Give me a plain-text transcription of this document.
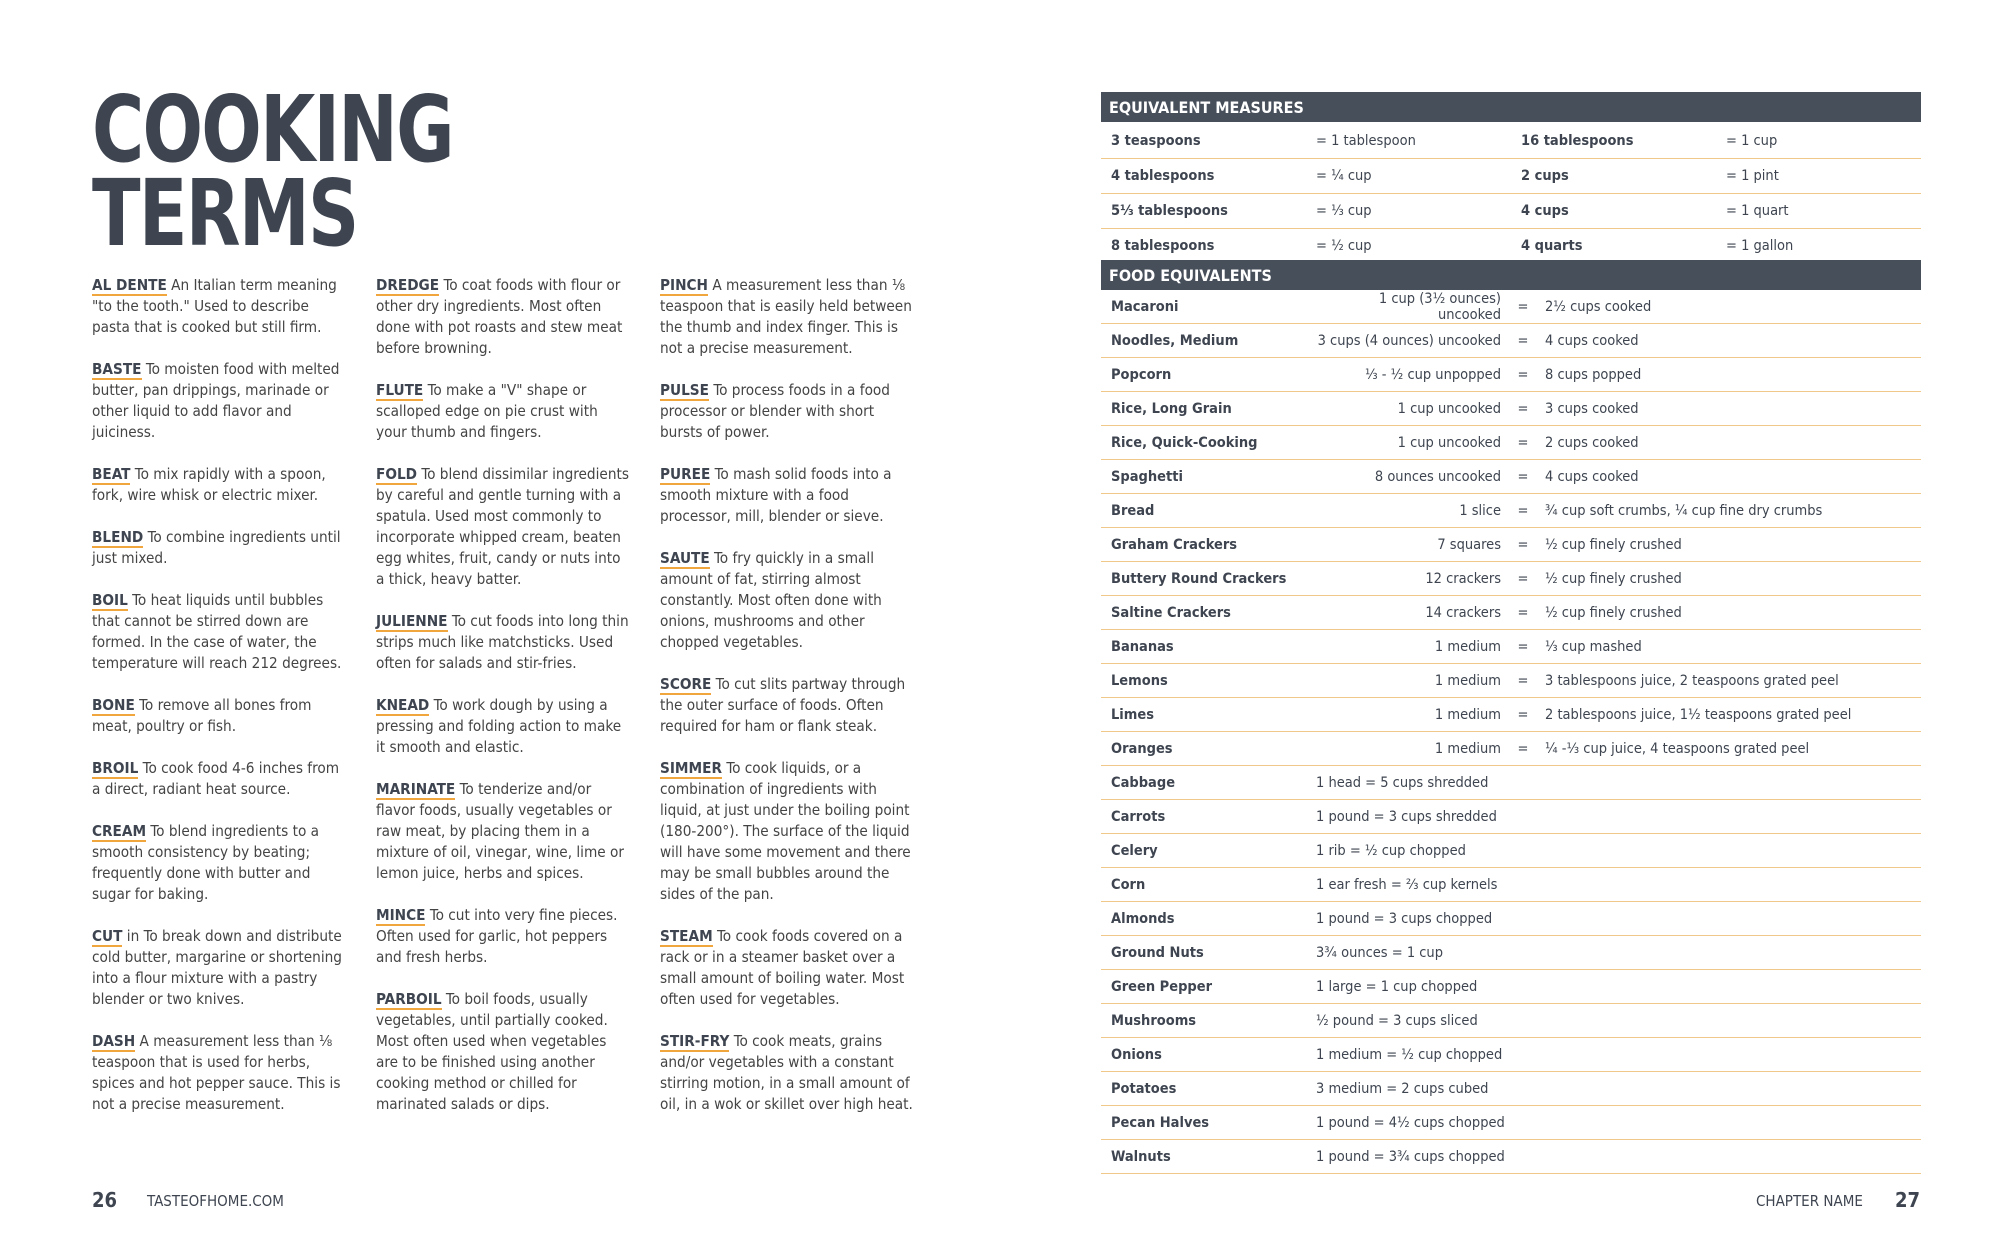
COOKING
TERMS

AL DENTE An Italian term meaning "to the tooth." Used to describe pasta that is cooked but still firm.

BASTE To moisten food with melted butter, pan drippings, marinade or other liquid to add flavor and juiciness.

BEAT To mix rapidly with a spoon, fork, wire whisk or electric mixer.

BLEND To combine ingredients until just mixed.

BOIL To heat liquids until bubbles that cannot be stirred down are formed. In the case of water, the temperature will reach 212 degrees.

BONE To remove all bones from meat, poultry or fish.

BROIL To cook food 4-6 inches from a direct, radiant heat source.

CREAM To blend ingredients to a smooth consistency by beating; frequently done with butter and sugar for baking.

CUT in To break down and distribute cold butter, margarine or shortening into a flour mixture with a pastry blender or two knives.

DASH A measurement less than ⅛ teaspoon that is used for herbs, spices and hot pepper sauce. This is not a precise measurement.

DREDGE To coat foods with flour or other dry ingredients. Most often done with pot roasts and stew meat before browning.

FLUTE To make a "V" shape or scalloped edge on pie crust with your thumb and fingers.

FOLD To blend dissimilar ingredients by careful and gentle turning with a spatula. Used most commonly to incorporate whipped cream, beaten egg whites, fruit, candy or nuts into a thick, heavy batter.

JULIENNE To cut foods into long thin strips much like matchsticks. Used often for salads and stir-fries.

KNEAD To work dough by using a pressing and folding action to make it smooth and elastic.

MARINATE To tenderize and/or flavor foods, usually vegetables or raw meat, by placing them in a mixture of oil, vinegar, wine, lime or lemon juice, herbs and spices.

MINCE To cut into very fine pieces. Often used for garlic, hot peppers and fresh herbs.

PARBOIL To boil foods, usually vegetables, until partially cooked. Most often used when vegetables are to be finished using another cooking method or chilled for marinated salads or dips.

PINCH A measurement less than ⅛ teaspoon that is easily held between the thumb and index finger. This is not a precise measurement.

PULSE To process foods in a food processor or blender with short bursts of power.

PUREE To mash solid foods into a smooth mixture with a food processor, mill, blender or sieve.

SAUTE To fry quickly in a small amount of fat, stirring almost constantly. Most often done with onions, mushrooms and other chopped vegetables.

SCORE To cut slits partway through the outer surface of foods. Often required for ham or flank steak.

SIMMER To cook liquids, or a combination of ingredients with liquid, at just under the boiling point (180-200°). The surface of the liquid will have some movement and there may be small bubbles around the sides of the pan.

STEAM To cook foods covered on a rack or in a steamer basket over a small amount of boiling water. Most often used for vegetables.

STIR-FRY To cook meats, grains and/or vegetables with a constant stirring motion, in a small amount of oil, in a wok or skillet over high heat.

26 TASTEOFHOME.COM
EQUIVALENT MEASURES
3 teaspoons	= 1 tablespoon	16 tablespoons	= 1 cup
4 tablespoons	= ¼ cup	2 cups	= 1 pint
5⅓ tablespoons	= ⅓ cup	4 cups	= 1 quart
8 tablespoons	= ½ cup	4 quarts	= 1 gallon
FOOD EQUIVALENTS
Macaroni	1 cup (3½ ounces) uncooked	=	2½ cups cooked
Noodles, Medium	3 cups (4 ounces) uncooked	=	4 cups cooked
Popcorn	⅓ - ½ cup unpopped	=	8 cups popped
Rice, Long Grain	1 cup uncooked	=	3 cups cooked
Rice, Quick-Cooking	1 cup uncooked	=	2 cups cooked
Spaghetti	8 ounces uncooked	=	4 cups cooked
Bread	1 slice	=	¾ cup soft crumbs, ¼ cup fine dry crumbs
Graham Crackers	7 squares	=	½ cup finely crushed
Buttery Round Crackers	12 crackers	=	½ cup finely crushed
Saltine Crackers	14 crackers	=	½ cup finely crushed
Bananas	1 medium	=	⅓ cup mashed
Lemons	1 medium	=	3 tablespoons juice, 2 teaspoons grated peel
Limes	1 medium	=	2 tablespoons juice, 1½ teaspoons grated peel
Oranges	1 medium	=	¼ -⅓ cup juice, 4 teaspoons grated peel
Cabbage	1 head = 5 cups shredded		
Carrots	1 pound = 3 cups shredded		
Celery	1 rib = ½ cup chopped		
Corn	1 ear fresh = ⅔ cup kernels		
Almonds	1 pound = 3 cups chopped		
Ground Nuts	3¾ ounces = 1 cup		
Green Pepper	1 large = 1 cup chopped		
Mushrooms	½ pound = 3 cups sliced		
Onions	1 medium = ½ cup chopped		
Potatoes	3 medium = 2 cups cubed		
Pecan Halves	1 pound = 4½ cups chopped		
Walnuts	1 pound = 3¾ cups chopped		
CHAPTER NAME 27
